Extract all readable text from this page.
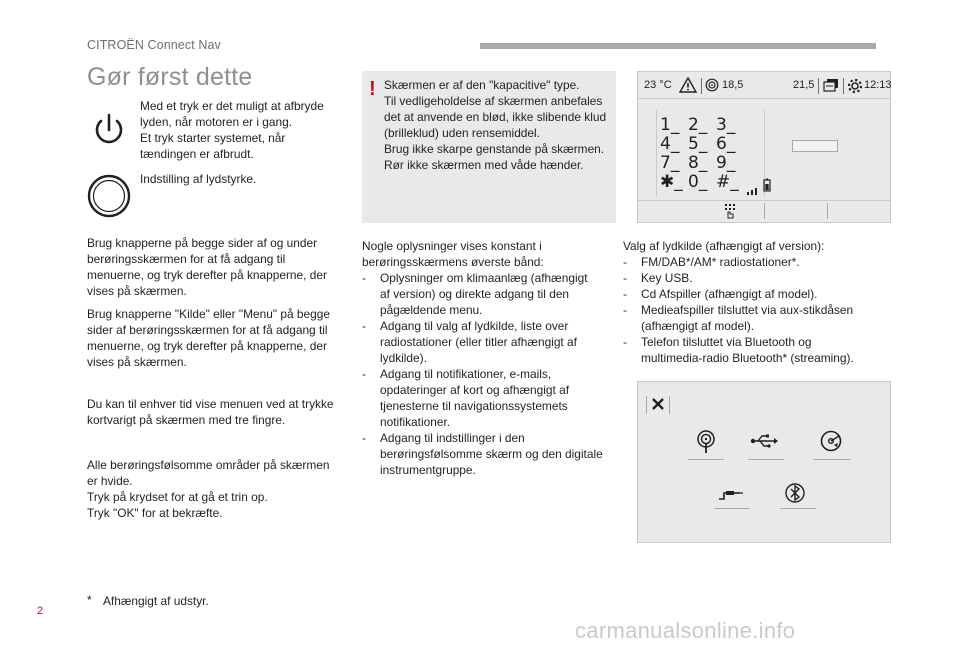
CITROËN Connect Nav
Gør først dette

Med et tryk er det muligt at afbryde

lyden, når motoren er i gang.

Et tryk starter systemet, når

tændingen er afbrudt.

Indstilling af lydstyrke.

Brug knapperne på begge sider af og under

berøringsskærmen for at få adgang til

menuerne, og tryk derefter på knapperne, der

vises på skærmen.

Brug knapperne "Kilde" eller "Menu" på begge

sider af berøringsskærmen for at få adgang til

menuerne, og tryk derefter på knapperne, der

vises på skærmen.

Du kan til enhver tid vise menuen ved at trykke

kortvarigt på skærmen med tre fingre.

Alle berøringsfølsomme områder på skærmen

er hvide.

Tryk på krydset for at gå et trin op.

Tryk "OK" for at bekræfte.

* Afhængigt af udstyr.
! Skærmen er af den "kapacitive" type.

Til vedligeholdelse af skærmen anbefales

det at anvende en blød, ikke slibende klud

(brilleklud) uden rensemiddel.

Brug ikke skarpe genstande på skærmen.

Rør ikke skærmen med våde hænder.

Nogle oplysninger vises konstant i

berøringsskærmens øverste bånd:

- Oplysninger om klimaanlæg (afhængigt
af version) og direkte adgang til den
pågældende menu.
- Adgang til valg af lydkilde, liste over
radiostationer (eller titler afhængigt af
lydkilde).
- Adgang til notifikationer, e-mails,
opdateringer af kort og afhængigt af
tjenesterne til navigationssystemets
notifikationer.
- Adgang til indstillinger i den
berøringsfølsomme skærm og den digitale
instrumentgruppe.
23 °C	18,5	21,5	12:13
1_ 2_ 3_
4_ 5_ 6_
7_ 8_ 9_
✱_ 0_ #_

Valg af lydkilde (afhængigt af version):

- FM/DAB*/AM* radiostationer*.
- Key USB.
- Cd Afspiller (afhængigt af model).
- Medieafspiller tilsluttet via aux-stikdåsen
(afhængigt af model).
- Telefon tilsluttet via Bluetooth og
multimedia-radio Bluetooth* (streaming).
2
carmanualsonline.info
